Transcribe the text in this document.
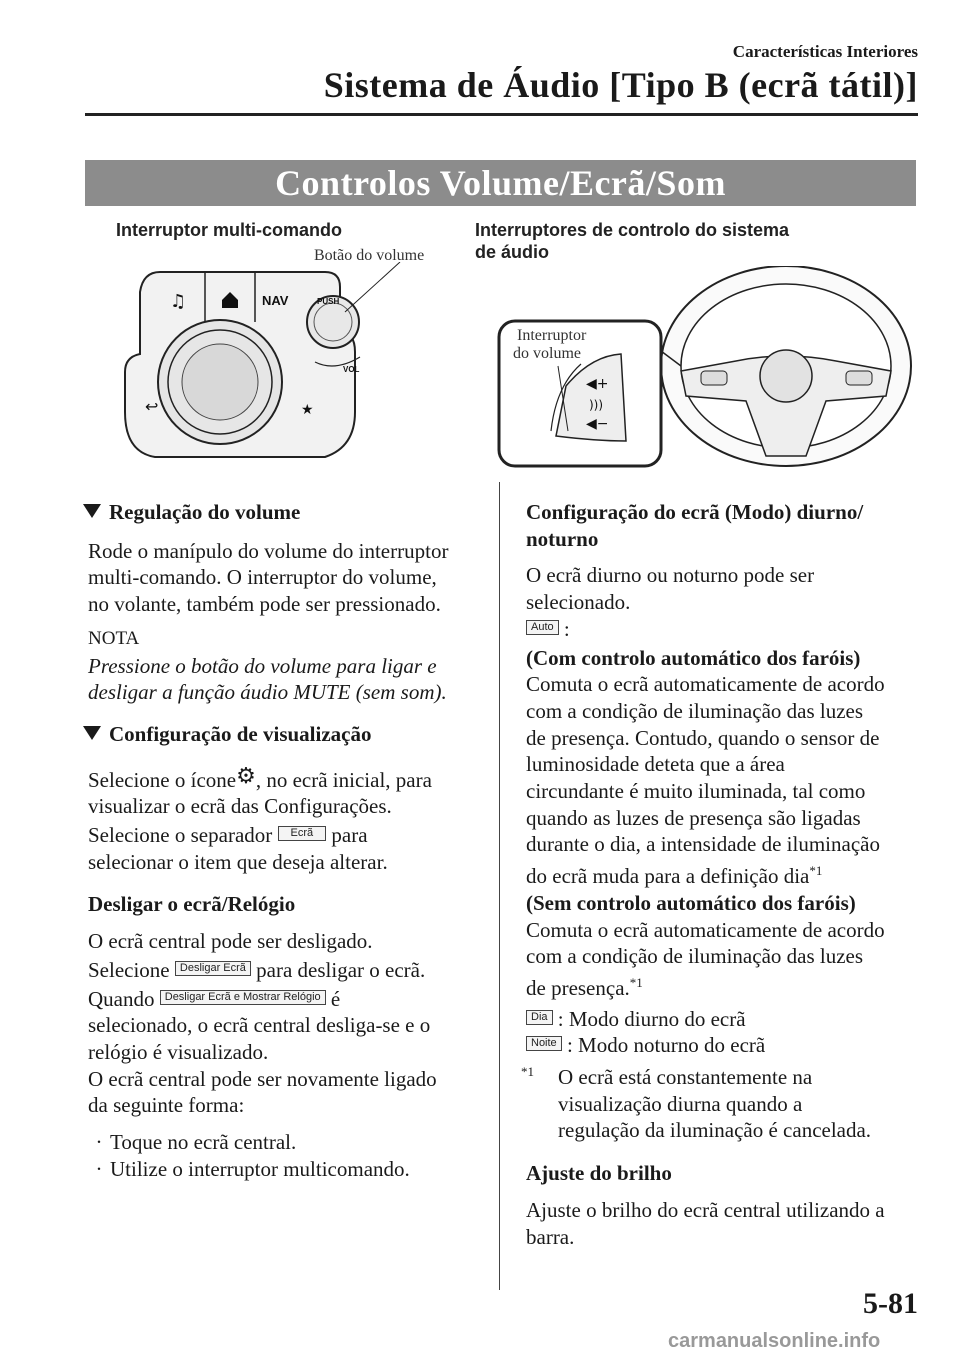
Características Interiores
Sistema de Áudio [Tipo B (ecrã tátil)]
Controlos Volume/Ecrã/Som
Interruptor multi-comando
Botão do volume
Interruptores de controlo do sistema
de áudio
♫	NAV
↩	★
PUSH
VOL
◀+
)))
◀−
Interruptor
do volume

Regulação do volume

Rode o manípulo do volume do interruptor

multi-comando. O interruptor do volume,

no volante, também pode ser pressionado.

NOTA

Pressione o botão do volume para ligar e

desligar a função áudio MUTE (sem som).

Configuração de visualização

Selecione o ícone⚙, no ecrã inicial, para

visualizar o ecrã das Configurações.

Selecione o separador Ecrã para

selecionar o item que deseja alterar.

Desligar o ecrã/Relógio

O ecrã central pode ser desligado.

Selecione Desligar Ecrã para desligar o ecrã.

Quando Desligar Ecrã e Mostrar Relógio é

selecionado, o ecrã central desliga-se e o

relógio é visualizado.

O ecrã central pode ser novamente ligado

da seguinte forma:

· Toque no ecrã central.

· Utilize o interruptor multicomando.

Configuração do ecrã (Modo) diurno/

noturno

O ecrã diurno ou noturno pode ser

selecionado.

Auto :

(Com controlo automático dos faróis)

Comuta o ecrã automaticamente de acordo

com a condição de iluminação das luzes

de presença. Contudo, quando o sensor de

luminosidade deteta que a área

circundante é muito iluminada, tal como

quando as luzes de presença são ligadas

durante o dia, a intensidade de iluminação

do ecrã muda para a definição dia$^{*1}$

(Sem controlo automático dos faróis)

Comuta o ecrã automaticamente de acordo

com a condição de iluminação das luzes

de presença.$^{*1}$

Dia : Modo diurno do ecrã

Noite : Modo noturno do ecrã

*1 O ecrã está constantemente na

visualização diurna quando a

regulação da iluminação é cancelada.

Ajuste do brilho

Ajuste o brilho do ecrã central utilizando a

barra.

5-81
carmanualsonline.info
